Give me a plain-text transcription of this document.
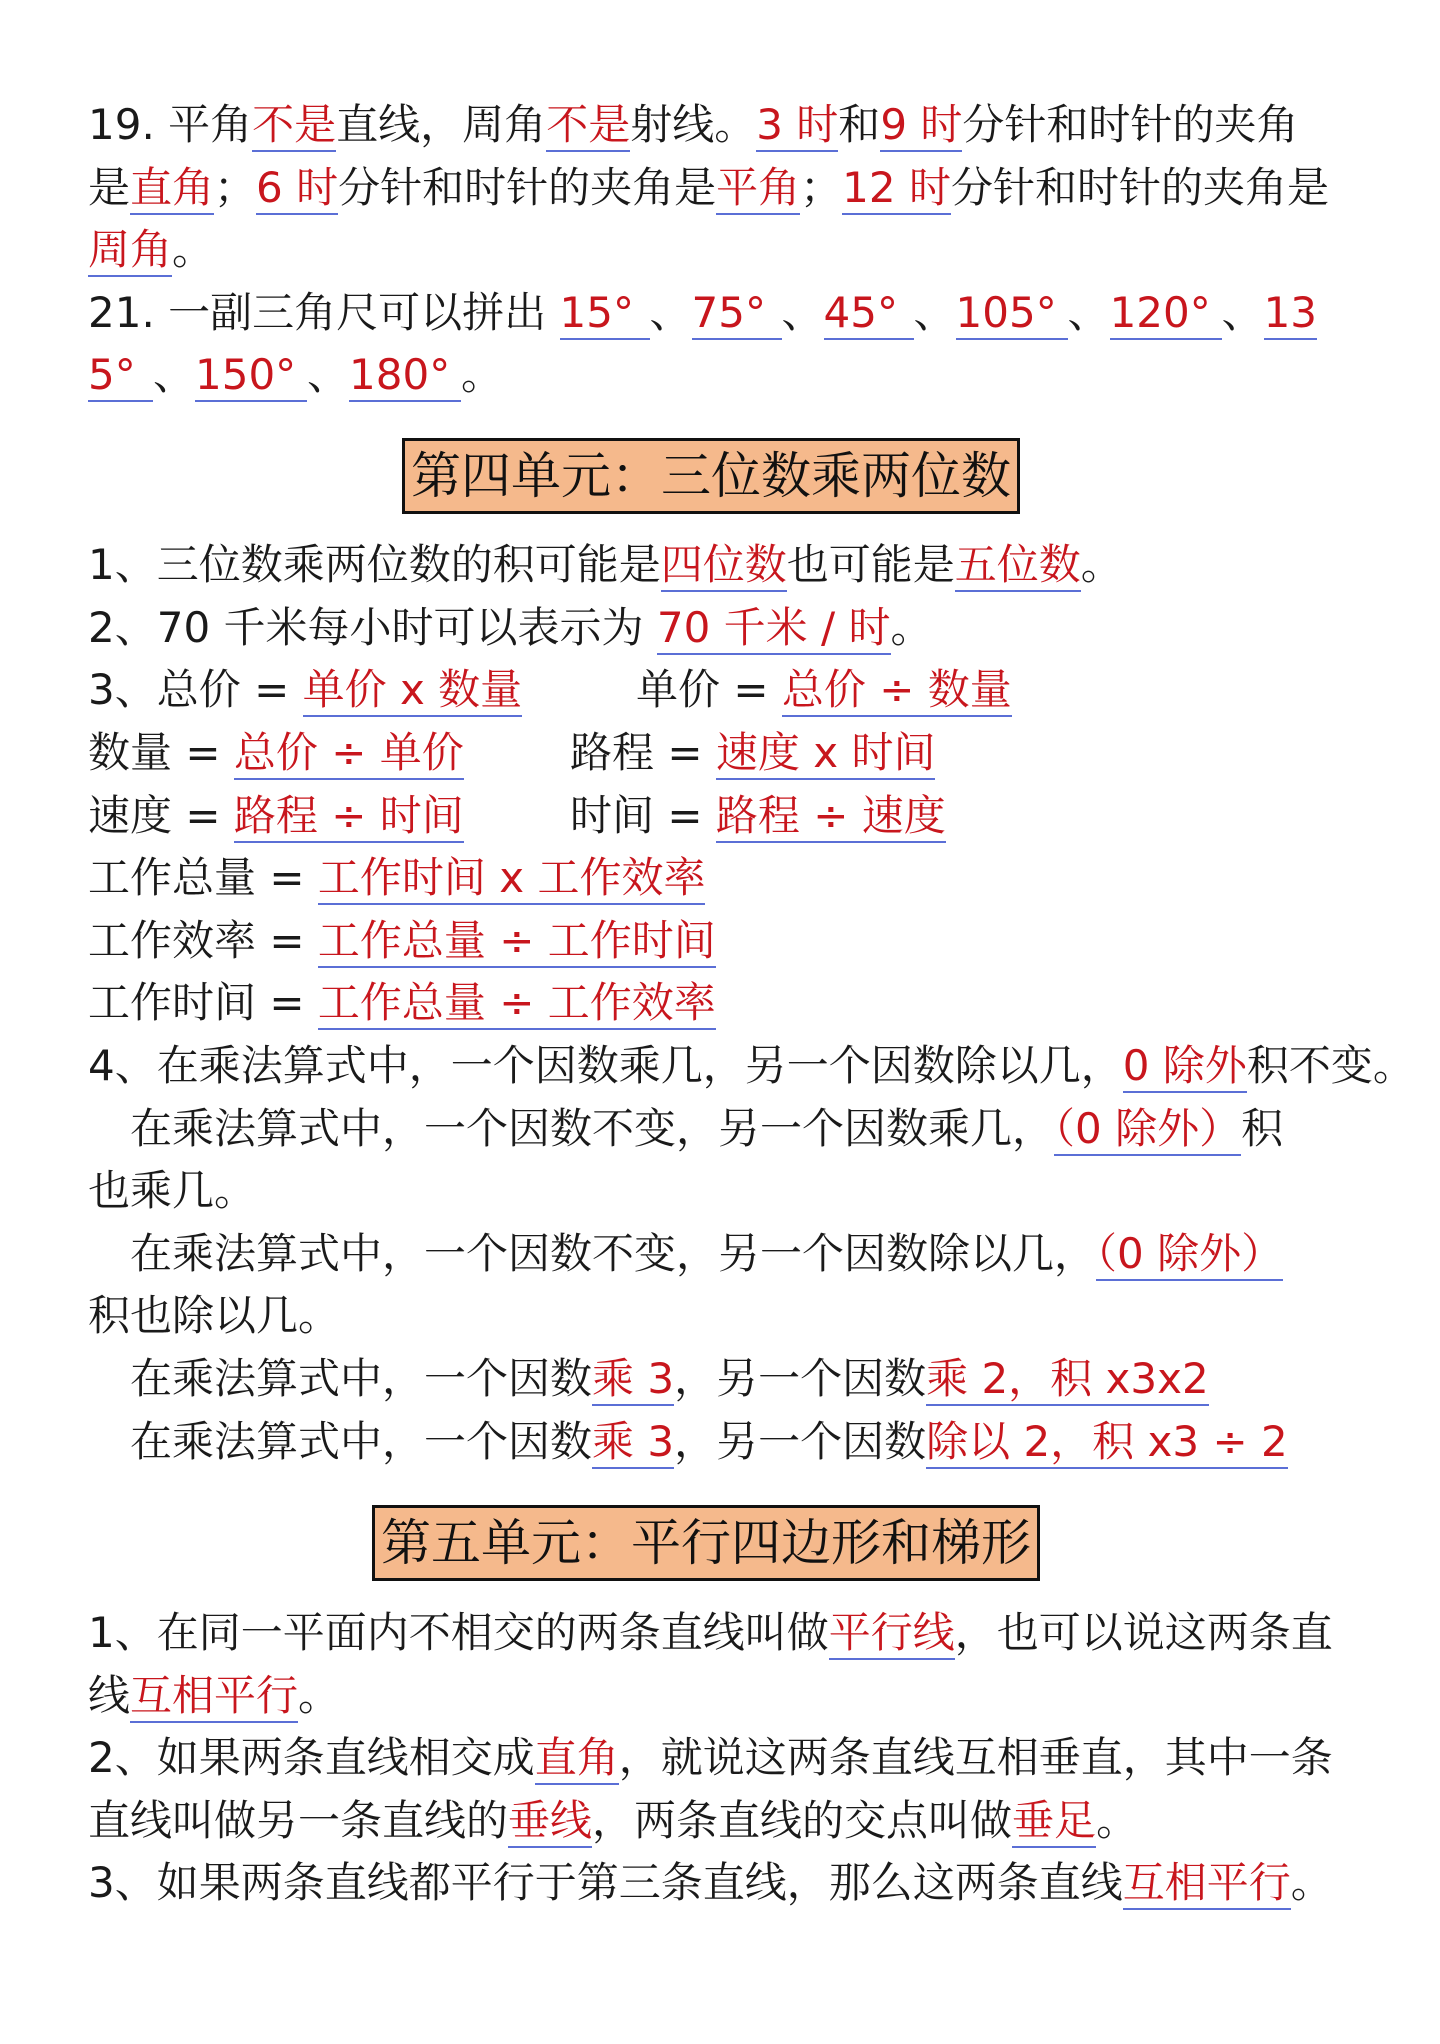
19. 平角不是直线，周角不是射线。3 时和9 时分针和时针的夹角
是直角；6 时分针和时针的夹角是平角；12 时分针和时针的夹角是
周角。
21. 一副三角尺可以拼出 15° 、75° 、45° 、105° 、120° 、13
5° 、150° 、180° 。
第四单元：三位数乘两位数
1、三位数乘两位数的积可能是四位数也可能是五位数。
2、70 千米每小时可以表示为 70 千米 / 时。
3、总价 = 单价 x 数量	单价 = 总价 ÷ 数量
数量 = 总价 ÷ 单价	路程 = 速度 x 时间
速度 = 路程 ÷ 时间	时间 = 路程 ÷ 速度
工作总量 = 工作时间 x 工作效率
工作效率 = 工作总量 ÷ 工作时间
工作时间 = 工作总量 ÷ 工作效率
4、在乘法算式中，一个因数乘几，另一个因数除以几，0 除外积不变。
在乘法算式中，一个因数不变，另一个因数乘几，（0 除外）积
也乘几。
在乘法算式中，一个因数不变，另一个因数除以几，（0 除外）
积也除以几。
在乘法算式中，一个因数乘 3，另一个因数乘 2，积 x3x2
在乘法算式中，一个因数乘 3，另一个因数除以 2，积 x3 ÷ 2
第五单元：平行四边形和梯形
1、在同一平面内不相交的两条直线叫做平行线，也可以说这两条直
线互相平行。
2、如果两条直线相交成直角，就说这两条直线互相垂直，其中一条
直线叫做另一条直线的垂线，两条直线的交点叫做垂足。
3、如果两条直线都平行于第三条直线，那么这两条直线互相平行。
